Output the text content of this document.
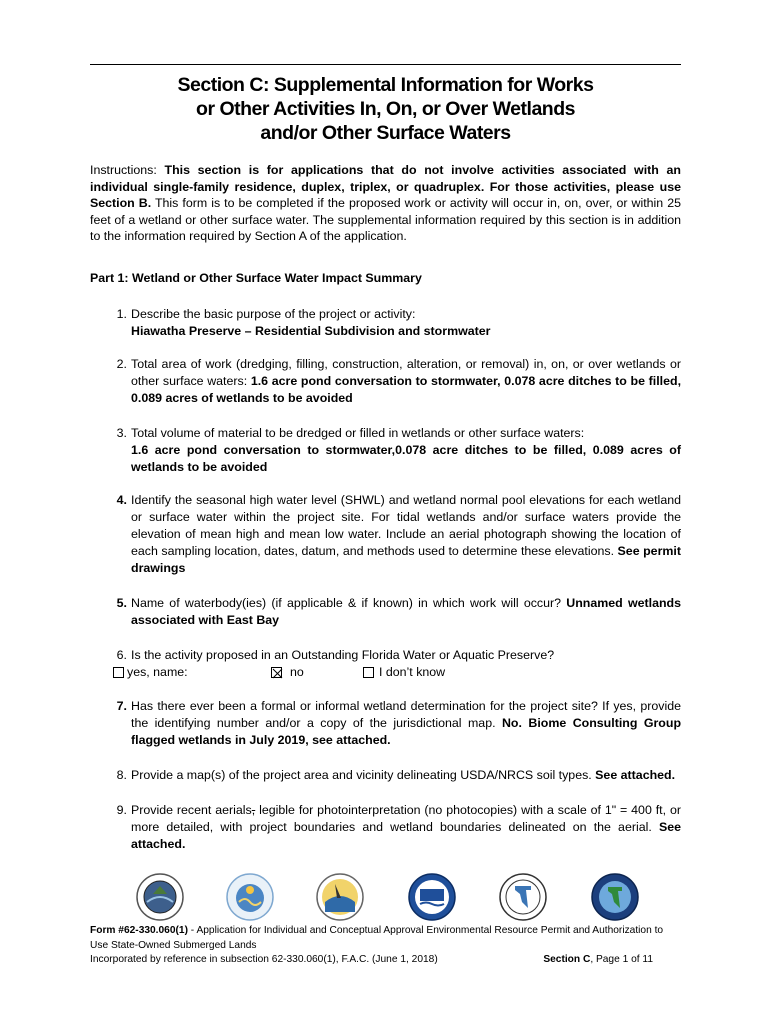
Section C: Supplemental Information for Works
or Other Activities In, On, or Over Wetlands
and/or Other Surface Waters
Instructions: This section is for applications that do not involve activities associated with an individual single-family residence, duplex, triplex, or quadruplex. For those activities, please use Section B. This form is to be completed if the proposed work or activity will occur in, on, over, or within 25 feet of a wetland or other surface water. The supplemental information required by this section is in addition to the information required by Section A of the application.
Part 1: Wetland or Other Surface Water Impact Summary
1. Describe the basic purpose of the project or activity:
Hiawatha Preserve – Residential Subdivision and stormwater
2. Total area of work (dredging, filling, construction, alteration, or removal) in, on, or over wetlands or other surface waters: 1.6 acre pond conversation to stormwater, 0.078 acre ditches to be filled, 0.089 acres of wetlands to be avoided
3. Total volume of material to be dredged or filled in wetlands or other surface waters:
1.6 acre pond conversation to stormwater,0.078 acre ditches to be filled, 0.089 acres of wetlands to be avoided
4. Identify the seasonal high water level (SHWL) and wetland normal pool elevations for each wetland or surface water within the project site. For tidal wetlands and/or surface waters provide the elevation of mean high and mean low water. Include an aerial photograph showing the location of each sampling location, dates, datum, and methods used to determine these elevations. See permit drawings
5. Name of waterbody(ies) (if applicable & if known) in which work will occur? Unnamed wetlands associated with East Bay
6. Is the activity proposed in an Outstanding Florida Water or Aquatic Preserve?
yes, name:	no	I don’t know
7. Has there ever been a formal or informal wetland determination for the project site? If yes, provide the identifying number and/or a copy of the jurisdictional map. No. Biome Consulting Group flagged wetlands in July 2019, see attached.
8. Provide a map(s) of the project area and vicinity delineating USDA/NRCS soil types. See attached.
9. Provide recent aerials, legible for photointerpretation (no photocopies) with a scale of 1" = 400 ft, or more detailed, with project boundaries and wetland boundaries delineated on the aerial. See attached.
Form #62-330.060(1) - Application for Individual and Conceptual Approval Environmental Resource Permit and Authorization to Use State-Owned Submerged Lands
Incorporated by reference in subsection 62-330.060(1), F.A.C. (June 1, 2018)	Section C, Page 1 of 11
